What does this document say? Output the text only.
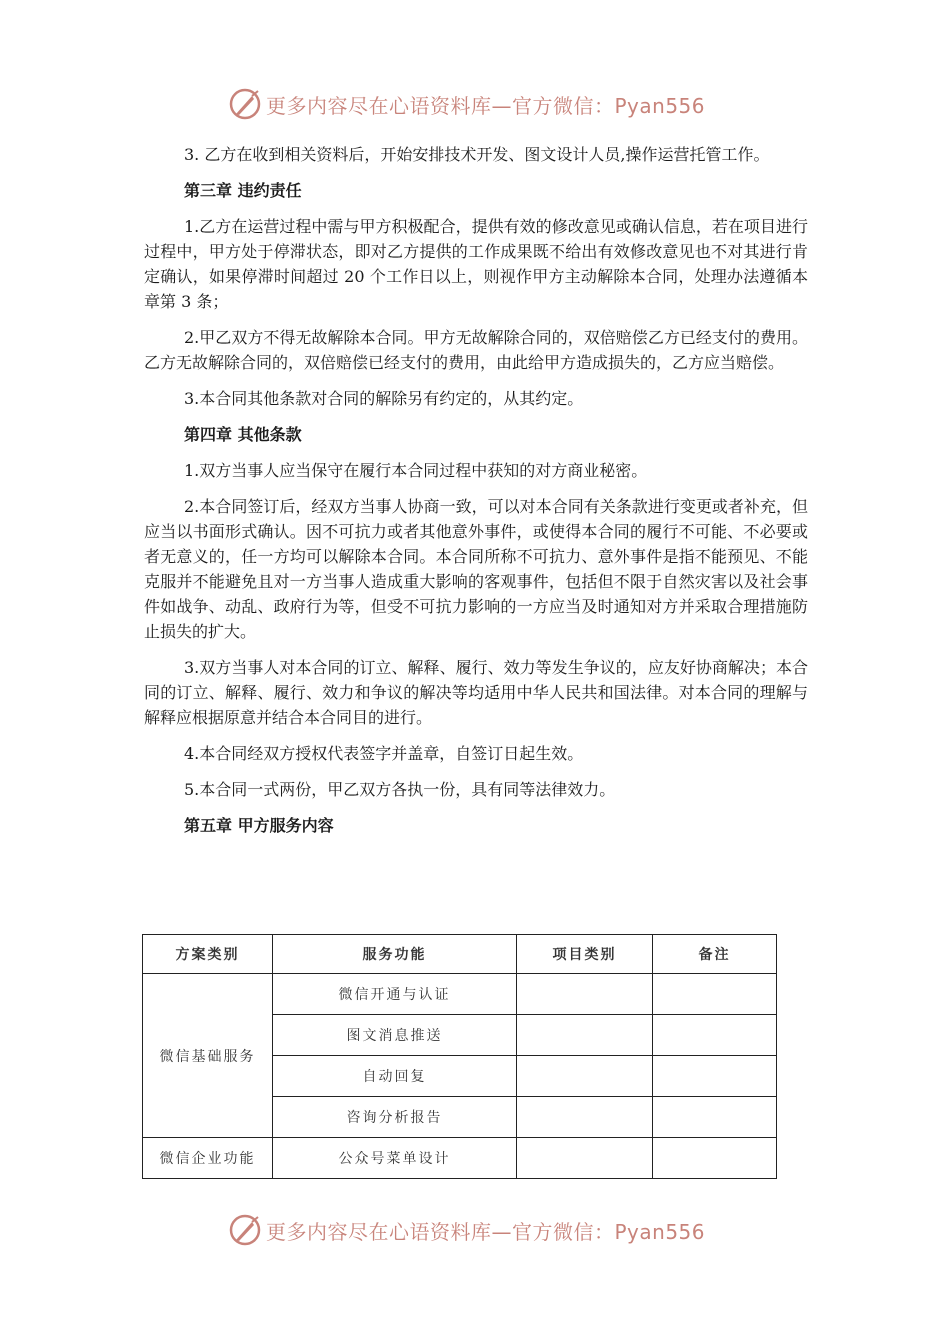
更多内容尽在心语资料库—官方微信：Pyan556

3. 乙方在收到相关资料后，开始安排技术开发、图文设计人员,操作运营托管工作。

第三章 违约责任

1.乙方在运营过程中需与甲方积极配合，提供有效的修改意见或确认信息，若在项目进行过程中，甲方处于停滞状态，即对乙方提供的工作成果既不给出有效修改意见也不对其进行肯定确认，如果停滞时间超过 20 个工作日以上，则视作甲方主动解除本合同，处理办法遵循本章第 3 条；

2.甲乙双方不得无故解除本合同。甲方无故解除合同的，双倍赔偿乙方已经支付的费用。乙方无故解除合同的，双倍赔偿已经支付的费用，由此给甲方造成损失的，乙方应当赔偿。

3.本合同其他条款对合同的解除另有约定的，从其约定。

第四章 其他条款

1.双方当事人应当保守在履行本合同过程中获知的对方商业秘密。

2.本合同签订后，经双方当事人协商一致，可以对本合同有关条款进行变更或者补充，但应当以书面形式确认。因不可抗力或者其他意外事件，或使得本合同的履行不可能、不必要或者无意义的，任一方均可以解除本合同。本合同所称不可抗力、意外事件是指不能预见、不能克服并不能避免且对一方当事人造成重大影响的客观事件，包括但不限于自然灾害以及社会事件如战争、动乱、政府行为等，但受不可抗力影响的一方应当及时通知对方并采取合理措施防止损失的扩大。

3.双方当事人对本合同的订立、解释、履行、效力等发生争议的，应友好协商解决；本合同的订立、解释、履行、效力和争议的解决等均适用中华人民共和国法律。对本合同的理解与解释应根据原意并结合本合同目的进行。

4.本合同经双方授权代表签字并盖章，自签订日起生效。

5.本合同一式两份，甲乙双方各执一份，具有同等法律效力。

第五章 甲方服务内容
方案类别	服务功能	项目类别	备注
微信基础服务	微信开通与认证		
	图文消息推送		
	自动回复		
	咨询分析报告		
微信企业功能	公众号菜单设计		
更多内容尽在心语资料库—官方微信：Pyan556
